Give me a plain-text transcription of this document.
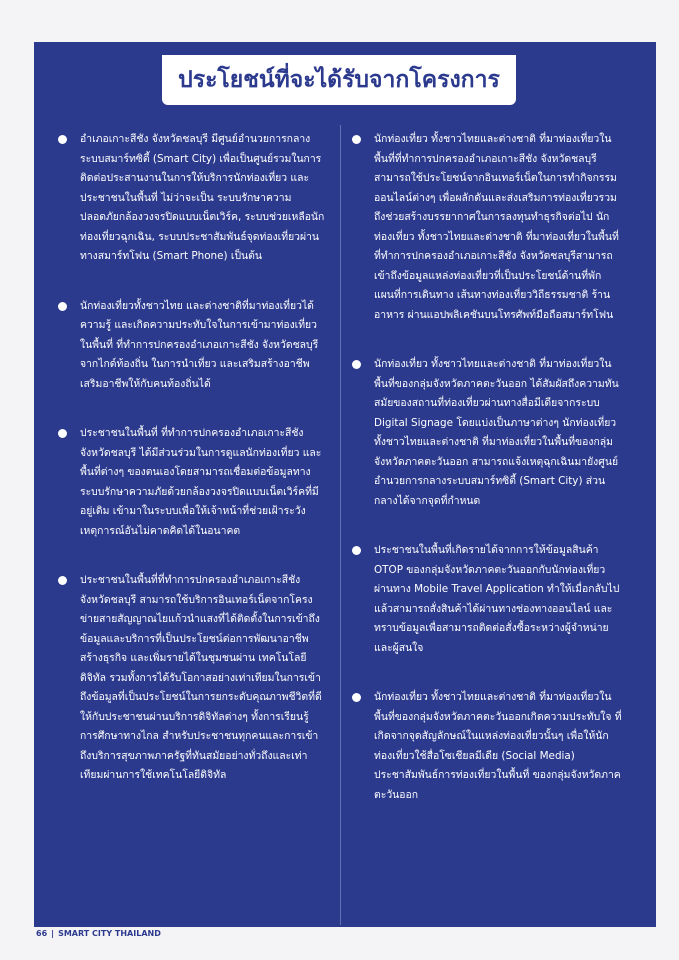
ประโยชน์ที่จะได้รับจากโครงการ
อำเภอเกาะสีชัง จังหวัดชลบุรี มีศูนย์อำนวยการกลางระบบสมาร์ทซิตี้ (Smart City) เพื่อเป็นศูนย์รวมในการติดต่อประสานงานในการให้บริการนักท่องเที่ยว และประชาชนในพื้นที่ ไม่ว่าจะเป็น ระบบรักษาความปลอดภัยกล้องวงจรปิดแบบเน็ตเวิร์ค, ระบบช่วยเหลือนักท่องเที่ยวฉุกเฉิน, ระบบประชาสัมพันธ์จุดท่องเที่ยวผ่านทางสมาร์ทโฟน (Smart Phone) เป็นต้น
นักท่องเที่ยวทั้งชาวไทย และต่างชาติที่มาท่องเที่ยวได้ความรู้ และเกิดความประทับใจในการเข้ามาท่องเที่ยวในพื้นที่ ที่ทำการปกครองอำเภอเกาะสีชัง จังหวัดชลบุรี จากไกด์ท้องถิ่น ในการนำเที่ยว และเสริมสร้างอาชีพเสริมอาชีพให้กับคนท้องถิ่นได้
ประชาชนในพื้นที่ ที่ทำการปกครองอำเภอเกาะสีชัง จังหวัดชลบุรี ได้มีส่วนร่วมในการดูแลนักท่องเที่ยว และพื้นที่ต่างๆ ของตนเองโดยสามารถเชื่อมต่อข้อมูลทางระบบรักษาความภัยด้วยกล้องวงจรปิดแบบเน็ตเวิร์คที่มีอยู่เดิม เข้ามาในระบบเพื่อให้เจ้าหน้าที่ช่วยเฝ้าระวังเหตุการณ์อันไม่คาดคิดได้ในอนาคต
ประชาชนในพื้นที่ที่ทำการปกครองอำเภอเกาะสีชัง จังหวัดชลบุรี สามารถใช้บริการอินเทอร์เน็ตจากโครงข่ายสายสัญญาณไยแก้วนำแสงที่ได้ติดตั้งในการเข้าถึงข้อมูลและบริการที่เป็นประโยชน์ต่อการพัฒนาอาชีพ สร้างธุรกิจ และเพิ่มรายได้ในชุมชนผ่าน เทคโนโลยีดิจิทัล รวมทั้งการได้รับโอกาสอย่างเท่าเทียมในการเข้าถึงข้อมูลที่เป็นประโยชน์ในการยกระดับคุณภาพชีวิตที่ดีให้กับประชาชนผ่านบริการดิจิทัลต่างๆ ทั้งการเรียนรู้ การศึกษาทางไกล สำหรับประชาชนทุกคนและการเข้าถึงบริการสุขภาพภาครัฐที่ทันสมัยอย่างทั่วถึงและเท่าเทียมผ่านการใช้เทคโนโลยีดิจิทัล
นักท่องเที่ยว ทั้งชาวไทยและต่างชาติ ที่มาท่องเที่ยวในพื้นที่ที่ทำการปกครองอำเภอเกาะสีชัง จังหวัดชลบุรีสามารถใช้ประโยชน์จากอินเทอร์เน็ตในการทำกิจกรรมออนไลน์ต่างๆ เพื่อผลักดันและส่งเสริมการท่องเที่ยวรวมถึงช่วยสร้างบรรยากาศในการลงทุนทำธุรกิจต่อไป นักท่องเที่ยว ทั้งชาวไทยและต่างชาติ ที่มาท่องเที่ยวในพื้นที่ที่ทำการปกครองอำเภอเกาะสีชัง จังหวัดชลบุรีสามารถเข้าถึงข้อมูลแหล่งท่องเที่ยวที่เป็นประโยชน์ด้านที่พัก แผนที่การเดินทาง เส้นทางท่องเที่ยววิถีธรรมชาติ ร้านอาหาร ผ่านแอปพลิเคชันบนโทรศัพท์มือถือสมาร์ทโฟน
นักท่องเที่ยว ทั้งชาวไทยและต่างชาติ ที่มาท่องเที่ยวในพื้นที่ของกลุ่มจังหวัดภาคตะวันออก ได้สัมผัสถึงความทันสมัยของสถานที่ท่องเที่ยวผ่านทางสื่อมีเดียจากระบบ Digital Signage โดยแบ่งเป็นภาษาต่างๆ นักท่องเที่ยว ทั้งชาวไทยและต่างชาติ ที่มาท่องเที่ยวในพื้นที่ของกลุ่มจังหวัดภาคตะวันออก สามารถแจ้งเหตุฉุกเฉินมายังศูนย์อำนวยการกลางระบบสมาร์ทซิตี้ (Smart City) ส่วนกลางได้จากจุดที่กำหนด
ประชาชนในพื้นที่เกิดรายได้จากการให้ข้อมูลสินค้า OTOP ของกลุ่มจังหวัดภาคตะวันออกกับนักท่องเที่ยวผ่านทาง Mobile Travel Application ทำให้เมื่อกลับไปแล้วสามารถสั่งสินค้าได้ผ่านทางช่องทางออนไลน์ และทราบข้อมูลเพื่อสามารถติดต่อสั่งซื้อระหว่างผู้จำหน่ายและผู้สนใจ
นักท่องเที่ยว ทั้งชาวไทยและต่างชาติ ที่มาท่องเที่ยวในพื้นที่ของกลุ่มจังหวัดภาคตะวันออกเกิดความประทับใจ ที่เกิดจากจุดสัญลักษณ์ในแหล่งท่องเที่ยวนั้นๆ เพื่อให้นักท่องเที่ยวใช้สื่อโซเชียลมีเดีย (Social Media) ประชาสัมพันธ์การท่องเที่ยวในพื้นที่ ของกลุ่มจังหวัดภาคตะวันออก
66 | SMART CITY THAILAND
